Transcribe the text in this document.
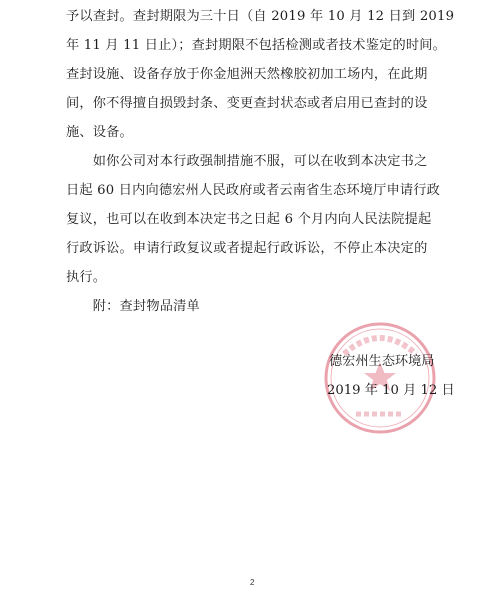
予以查封。查封期限为三十日（自 2019 年 10 月 12 日到 2019
年 11 月 11 日止）；查封期限不包括检测或者技术鉴定的时间。
查封设施、设备存放于你金旭洲天然橡胶初加工场内，在此期
间，你不得擅自损毁封条、变更查封状态或者启用已查封的设
施、设备。
　　如你公司对本行政强制措施不服，可以在收到本决定书之
日起 60 日内向德宏州人民政府或者云南省生态环境厅申请行政
复议，也可以在收到本决定书之日起 6 个月内向人民法院提起
行政诉讼。申请行政复议或者提起行政诉讼，不停止本决定的
执行。
　　附：查封物品清单
德宏州生态环境局
2019 年 10 月 12 日
2
